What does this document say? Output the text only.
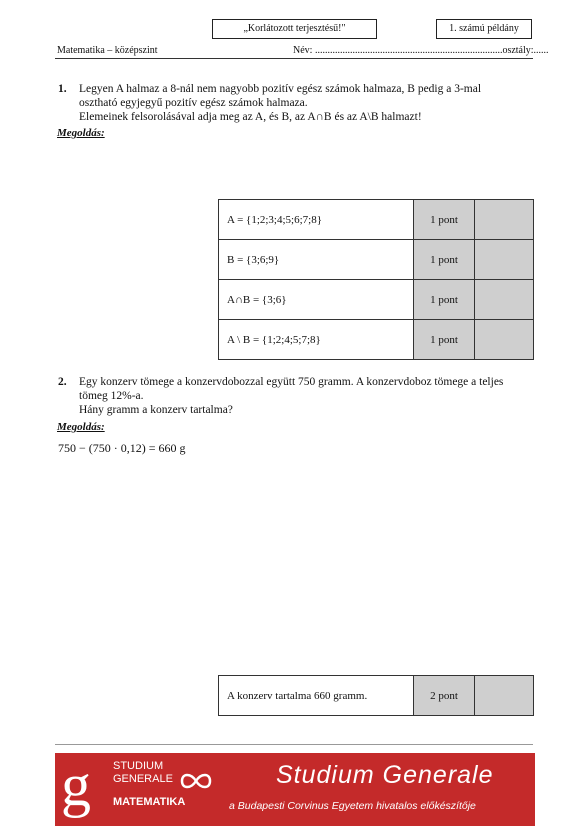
„Korlátozott terjesztésű!"	1. számú példány
Matematika – középszint	Név: ...........................................................................osztály:......
1. Legyen A halmaz a 8-nál nem nagyobb pozitív egész számok halmaza, B pedig a 3-mal
osztható egyjegyű pozitív egész számok halmaza.
Elemeinek felsorolásával adja meg az A, és B, az A∩B és az A\B halmazt!
Megoldás:
A = {1;2;3;4;5;6;7;8}	1 pont	
B = {3;6;9}	1 pont	
A∩B = {3;6}	1 pont	
A \ B = {1;2;4;5;7;8}	1 pont	
2. Egy konzerv tömege a konzervdobozzal együtt 750 gramm. A konzervdoboz tömege a teljes
tömeg 12%-a.
Hány gramm a konzerv tartalma?
Megoldás:
750 − (750 · 0,12) = 660 g
A konzerv tartalma 660 gramm.	2 pont	
g STUDIUM
GENERALE
MATEMATIKA
Studium Generale
a Budapesti Corvinus Egyetem hivatalos előkészítője
